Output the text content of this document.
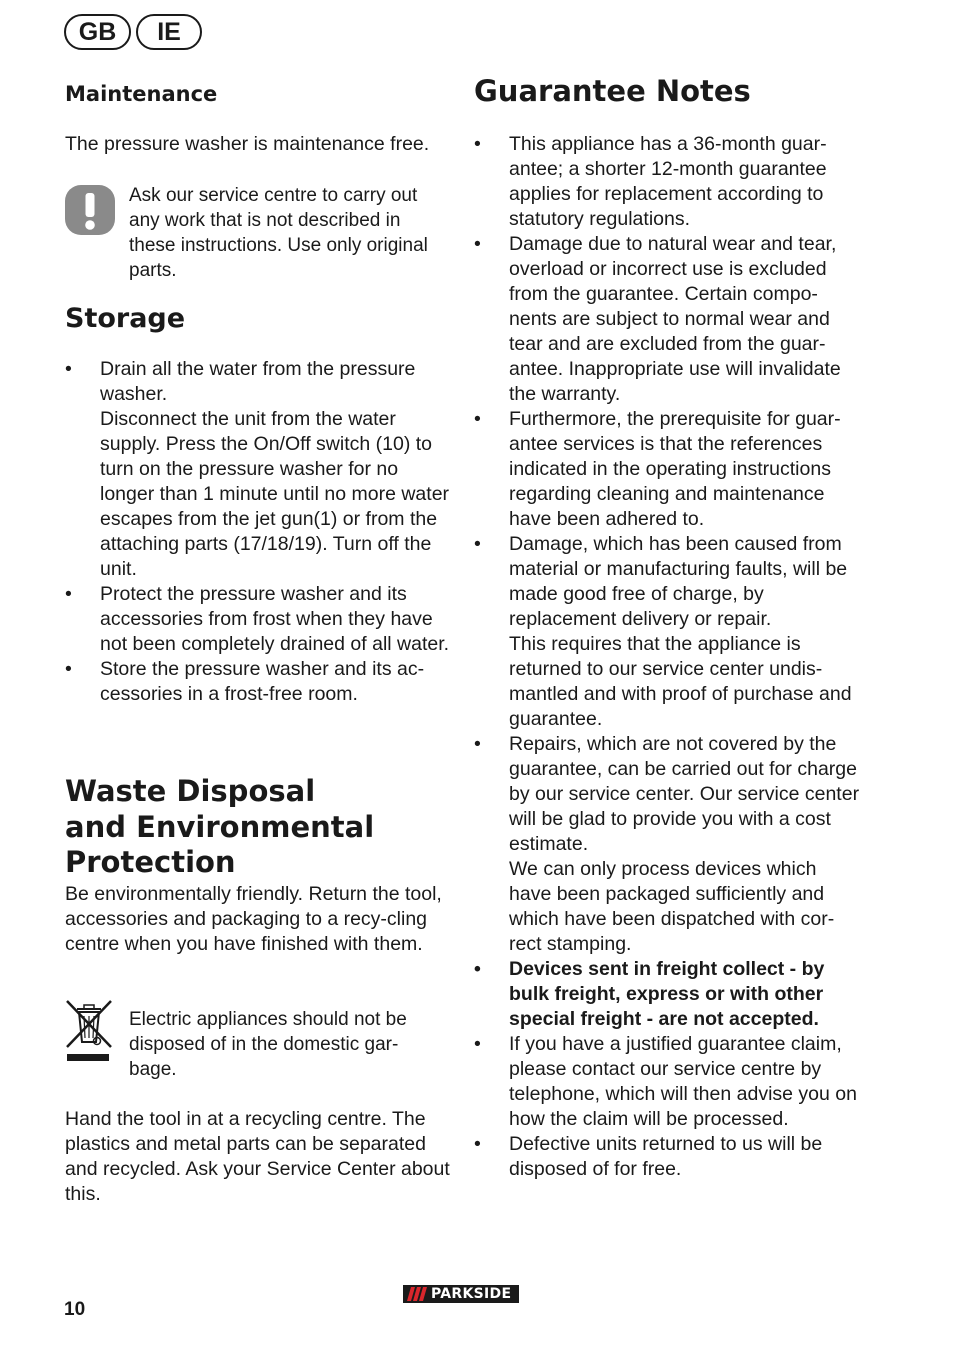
GB	IE
Maintenance
The pressure washer is maintenance free.
Ask our service centre to carry out any work that is not described in these instructions. Use only original parts.
Storage
•	Drain all the water from the pressure washer.
Disconnect the unit from the water supply. Press the On/Off switch (10) to turn on the pressure washer for no longer than 1 minute until no more water escapes from the jet gun(1) or from the attaching parts (17/18/19). Turn off the unit.
•	Protect the pressure washer and its accessories from frost when they have not been completely drained of all water.
•	Store the pressure washer and its ac-cessories in a frost-free room.
Waste Disposal
and Environmental
Protection
Be environmentally friendly. Return the tool, accessories and packaging to a recy-cling centre when you have finished with them.
Electric appliances should not be disposed of in the domestic gar-bage.
Hand the tool in at a recycling centre. The plastics and metal parts can be separated and recycled. Ask your Service Center about this.
Guarantee Notes
•	This appliance has a 36-month guar-antee; a shorter 12-month guarantee applies for replacement according to statutory regulations.
•	Damage due to natural wear and tear, overload or incorrect use is excluded from the guarantee. Certain compo-nents are subject to normal wear and tear and are excluded from the guar-antee. Inappropriate use will invalidate the warranty.
•	Furthermore, the prerequisite for guar-antee services is that the references indicated in the operating instructions regarding cleaning and maintenance have been adhered to.
•	Damage, which has been caused from material or manufacturing faults, will be made good free of charge, by replacement delivery or repair.
This requires that the appliance is returned to our service center undis-mantled and with proof of purchase and guarantee.
•	Repairs, which are not covered by the guarantee, can be carried out for charge by our service center. Our service center will be glad to provide you with a cost estimate.
We can only process devices which have been packaged sufficiently and which have been dispatched with cor-rect stamping.
•	Devices sent in freight collect - by bulk freight, express or with other special freight - are not accepted.
•	If you have a justified guarantee claim, please contact our service centre by telephone, which will then advise you on how the claim will be processed.
•	Defective units returned to us will be disposed of for free.
10
PARKSIDE
